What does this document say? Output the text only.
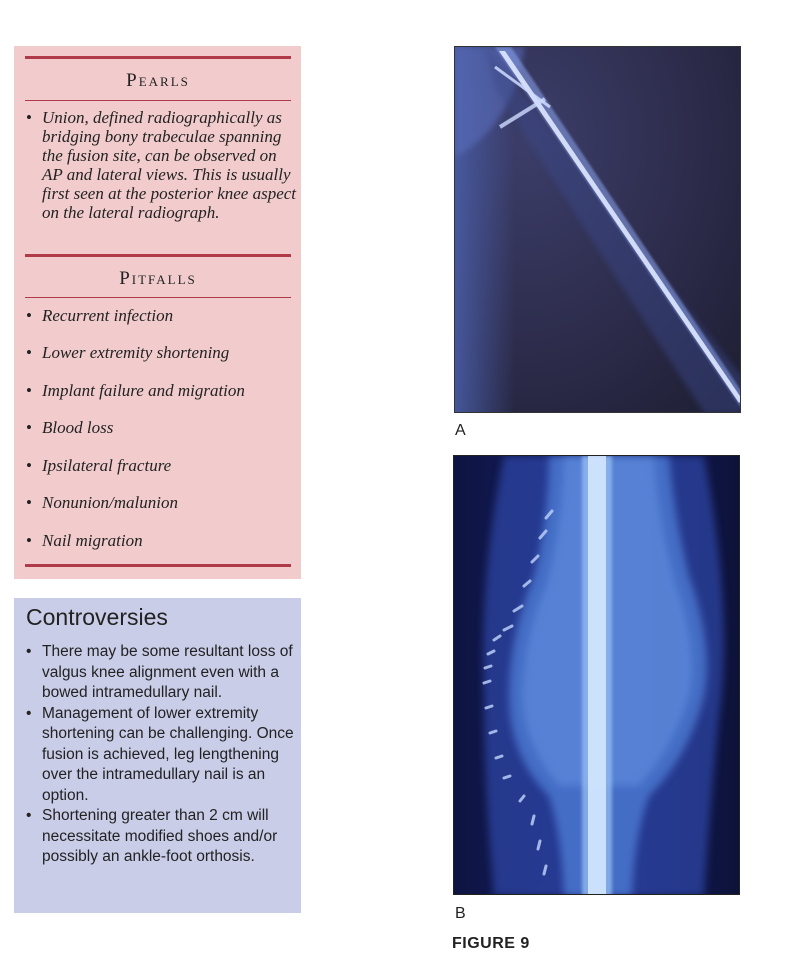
Pearls
• Union, defined radiographically as bridging bony trabeculae spanning the fusion site, can be observed on AP and lateral views. This is usually first seen at the posterior knee aspect on the lateral radiograph.
Pitfalls
• Recurrent infection
• Lower extremity shortening
• Implant failure and migration
• Blood loss
• Ipsilateral fracture
• Nonunion/malunion
• Nail migration
Controversies
• There may be some resultant loss of valgus knee alignment even with a bowed intramedullary nail.
• Management of lower extremity shortening can be challenging. Once fusion is achieved, leg lengthening over the intramedullary nail is an option.
• Shortening greater than 2 cm will necessitate modified shoes and/or possibly an ankle-foot orthosis.
A
B
FIGURE 9
